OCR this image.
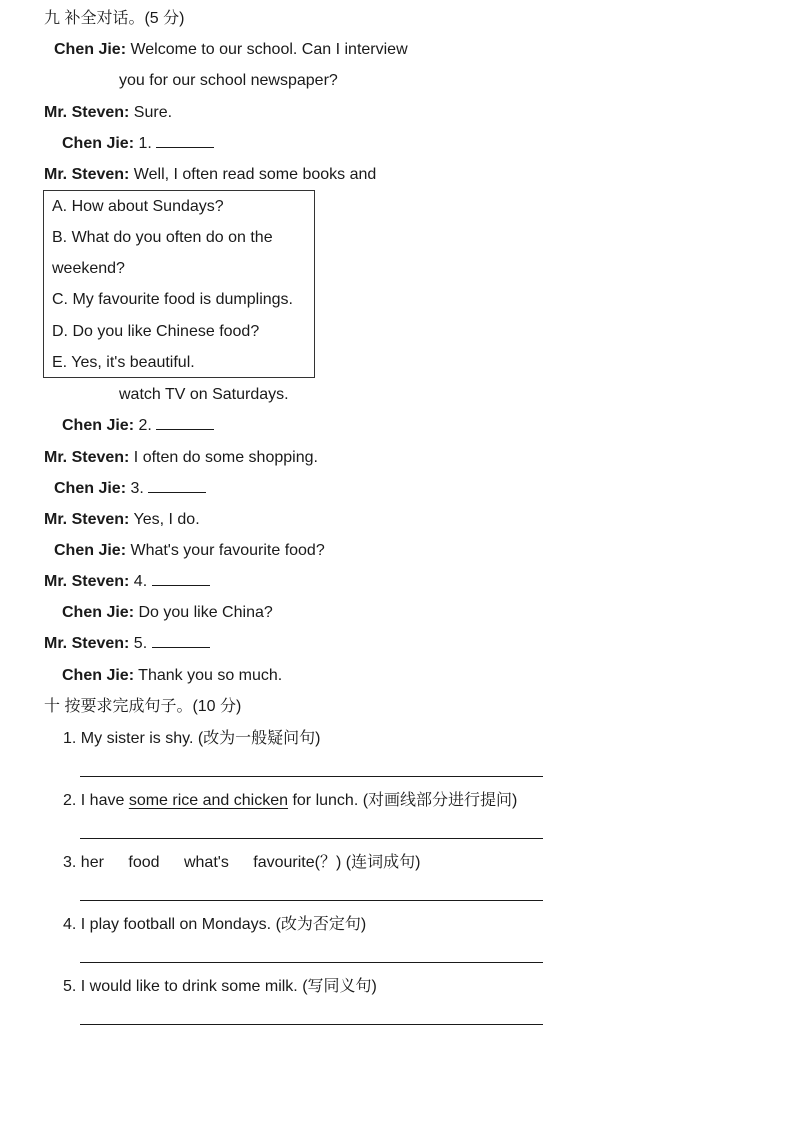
九 补全对话。(5 分)
Chen Jie: Welcome to our school. Can I interview
you for our school newspaper?
Mr. Steven: Sure.
Chen Jie: 1.
Mr. Steven: Well, I often read some books and
A. How about Sundays?
B. What do you often do on the
weekend?
C. My favourite food is dumplings.
D. Do you like Chinese food?
E. Yes, it's beautiful.
watch TV on Saturdays.
Chen Jie: 2.
Mr. Steven: I often do some shopping.
Chen Jie: 3.
Mr. Steven: Yes, I do.
Chen Jie: What's your favourite food?
Mr. Steven: 4.
Chen Jie: Do you like China?
Mr. Steven: 5.
Chen Jie: Thank you so much.
十 按要求完成句子。(10 分)
1. My sister is shy. (改为一般疑问句)
2. I have some rice and chicken for lunch. (对画线部分进行提问)
3. her food what's favourite(？) (连词成句)
4. I play football on Mondays. (改为否定句)
5. I would like to drink some milk. (写同义句)
